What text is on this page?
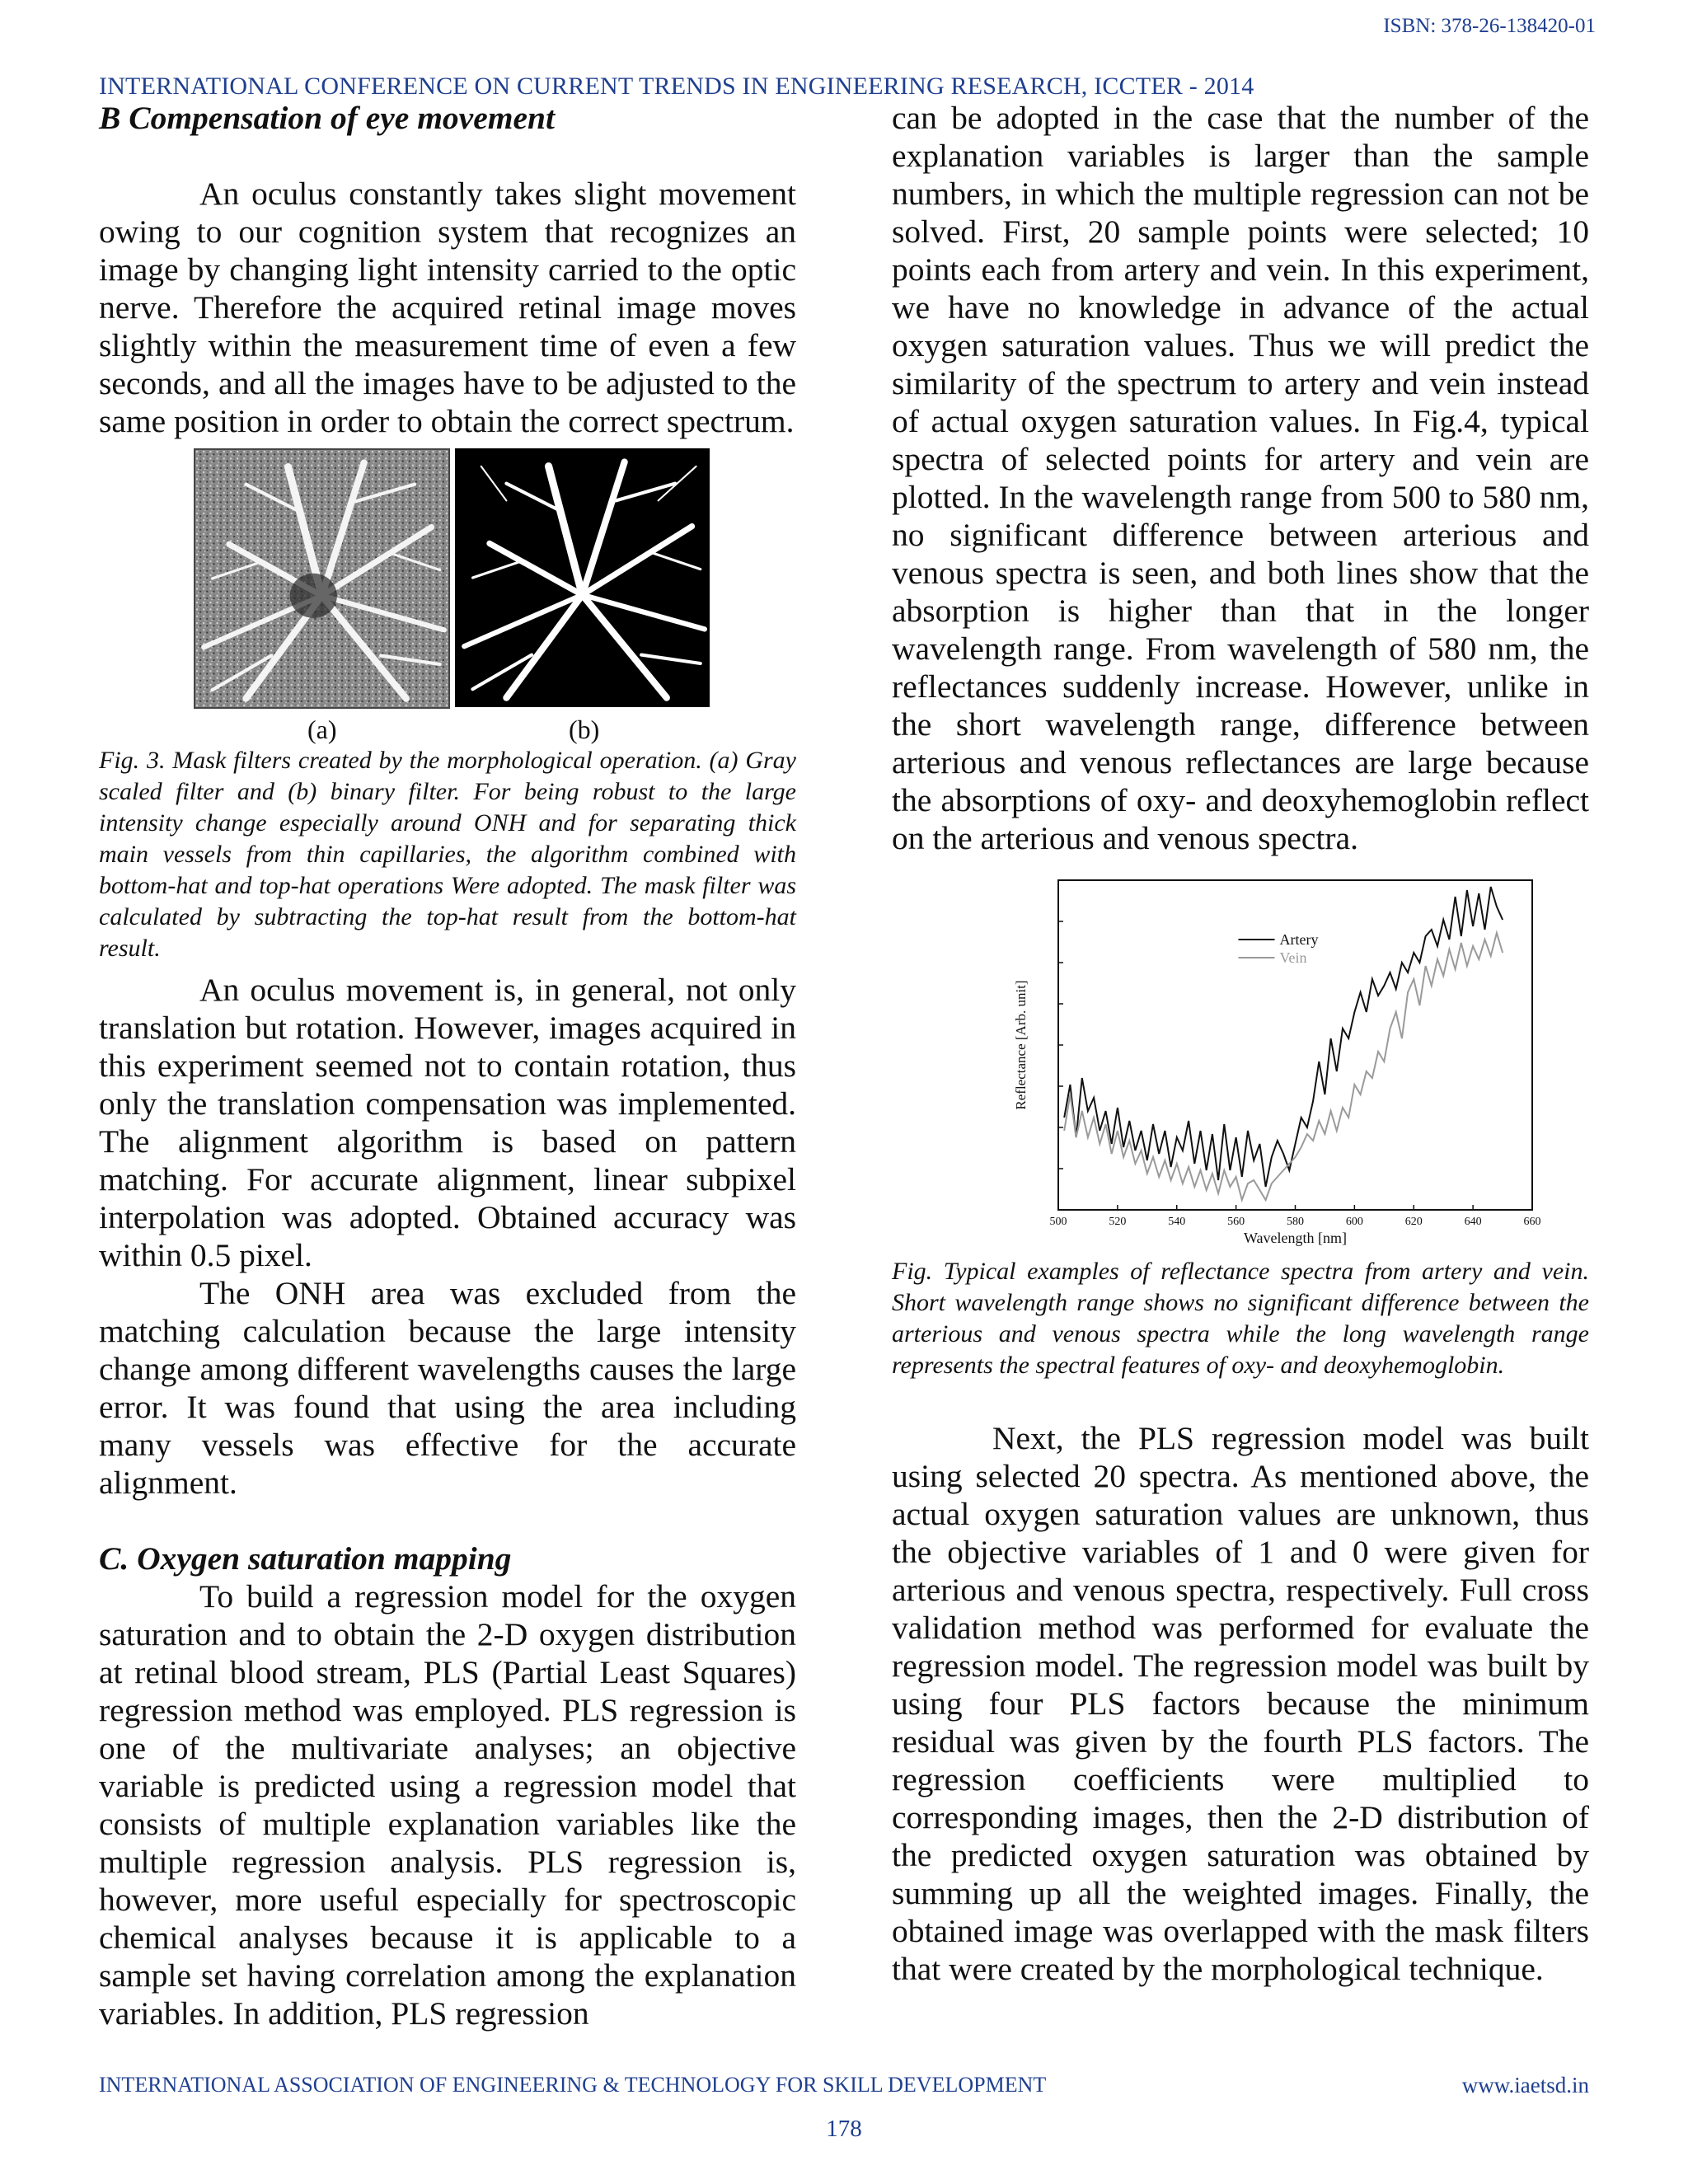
ISBN: 378-26-138420-01
INTERNATIONAL CONFERENCE ON CURRENT TRENDS IN ENGINEERING RESEARCH, ICCTER - 2014

B Compensation of eye movement

An oculus constantly takes slight movement owing to our cognition system that recognizes an image by changing light intensity carried to the optic nerve. Therefore the acquired retinal image moves slightly within the measurement time of even a few seconds, and all the images have to be adjusted to the same position in order to obtain the correct spectrum.

(a)	(b)

Fig. 3. Mask filters created by the morphological operation. (a) Gray scaled filter and (b) binary filter. For being robust to the large intensity change especially around ONH and for separating thick main vessels from thin capillaries, the algorithm combined with bottom-hat and top-hat operations Were adopted. The mask filter was calculated by subtracting the top-hat result from the bottom-hat result.

An oculus movement is, in general, not only translation but rotation. However, images acquired in this experiment seemed not to contain rotation, thus only the translation compensation was implemented. The alignment algorithm is based on pattern matching. For accurate alignment, linear subpixel interpolation was adopted. Obtained accuracy was within 0.5 pixel.

The ONH area was excluded from the matching calculation because the large intensity change among different wavelengths causes the large error. It was found that using the area including many vessels was effective for the accurate alignment.

C. Oxygen saturation mapping

To build a regression model for the oxygen saturation and to obtain the 2-D oxygen distribution at retinal blood stream, PLS (Partial Least Squares) regression method was employed. PLS regression is one of the multivariate analyses; an objective variable is predicted using a regression model that consists of multiple explanation variables like the multiple regression analysis. PLS regression is, however, more useful especially for spectroscopic chemical analyses because it is applicable to a sample set having correlation among the explanation variables. In addition, PLS regression

can be adopted in the case that the number of the explanation variables is larger than the sample numbers, in which the multiple regression can not be solved. First, 20 sample points were selected; 10 points each from artery and vein. In this experiment, we have no knowledge in advance of the actual oxygen saturation values. Thus we will predict the similarity of the spectrum to artery and vein instead of actual oxygen saturation values. In Fig.4, typical spectra of selected points for artery and vein are plotted. In the wavelength range from 500 to 580 nm, no significant difference between arterious and venous spectra is seen, and both lines show that the absorption is higher than that in the longer wavelength range. From wavelength of 580 nm, the reflectances suddenly increase. However, unlike in the short wavelength range, difference between arterious and venous reflectances are large because the absorptions of oxy- and deoxyhemoglobin reflect on the arterious and venous spectra.

500	520	540	560	580	600	620	640	660
Artery
Vein
Wavelength [nm]
Reflectance [Arb. unit]

Fig. Typical examples of reflectance spectra from artery and vein. Short wavelength range shows no significant difference between the arterious and venous spectra while the long wavelength range represents the spectral features of oxy- and deoxyhemoglobin.

Next, the PLS regression model was built using selected 20 spectra. As mentioned above, the actual oxygen saturation values are unknown, thus the objective variables of 1 and 0 were given for arterious and venous spectra, respectively. Full cross validation method was performed for evaluate the regression model. The regression model was built by using four PLS factors because the minimum residual was given by the fourth PLS factors. The regression coefficients were multiplied to corresponding images, then the 2-D distribution of the predicted oxygen saturation was obtained by summing up all the weighted images. Finally, the obtained image was overlapped with the mask filters that were created by the morphological technique.

INTERNATIONAL ASSOCIATION OF ENGINEERING & TECHNOLOGY FOR SKILL DEVELOPMENT	www.iaetsd.in
178
